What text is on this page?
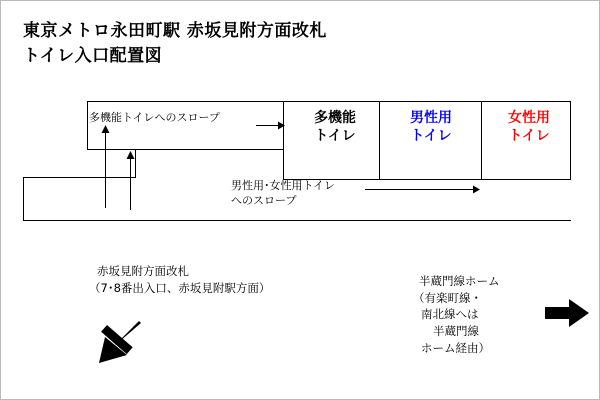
東京メトロ永田町駅 赤坂見附方面改札
トイレ入口配置図
多機能
トイレ
男性用
トイレ
女性用
トイレ
多機能トイレへのスロープ
男性用･女性用トイレ
へのスロープ
赤坂見附方面改札
（7･8番出入口、赤坂見附駅方面）	半蔵門線ホーム
（有楽町線・
南北線へは
半蔵門線
ホーム経由）
